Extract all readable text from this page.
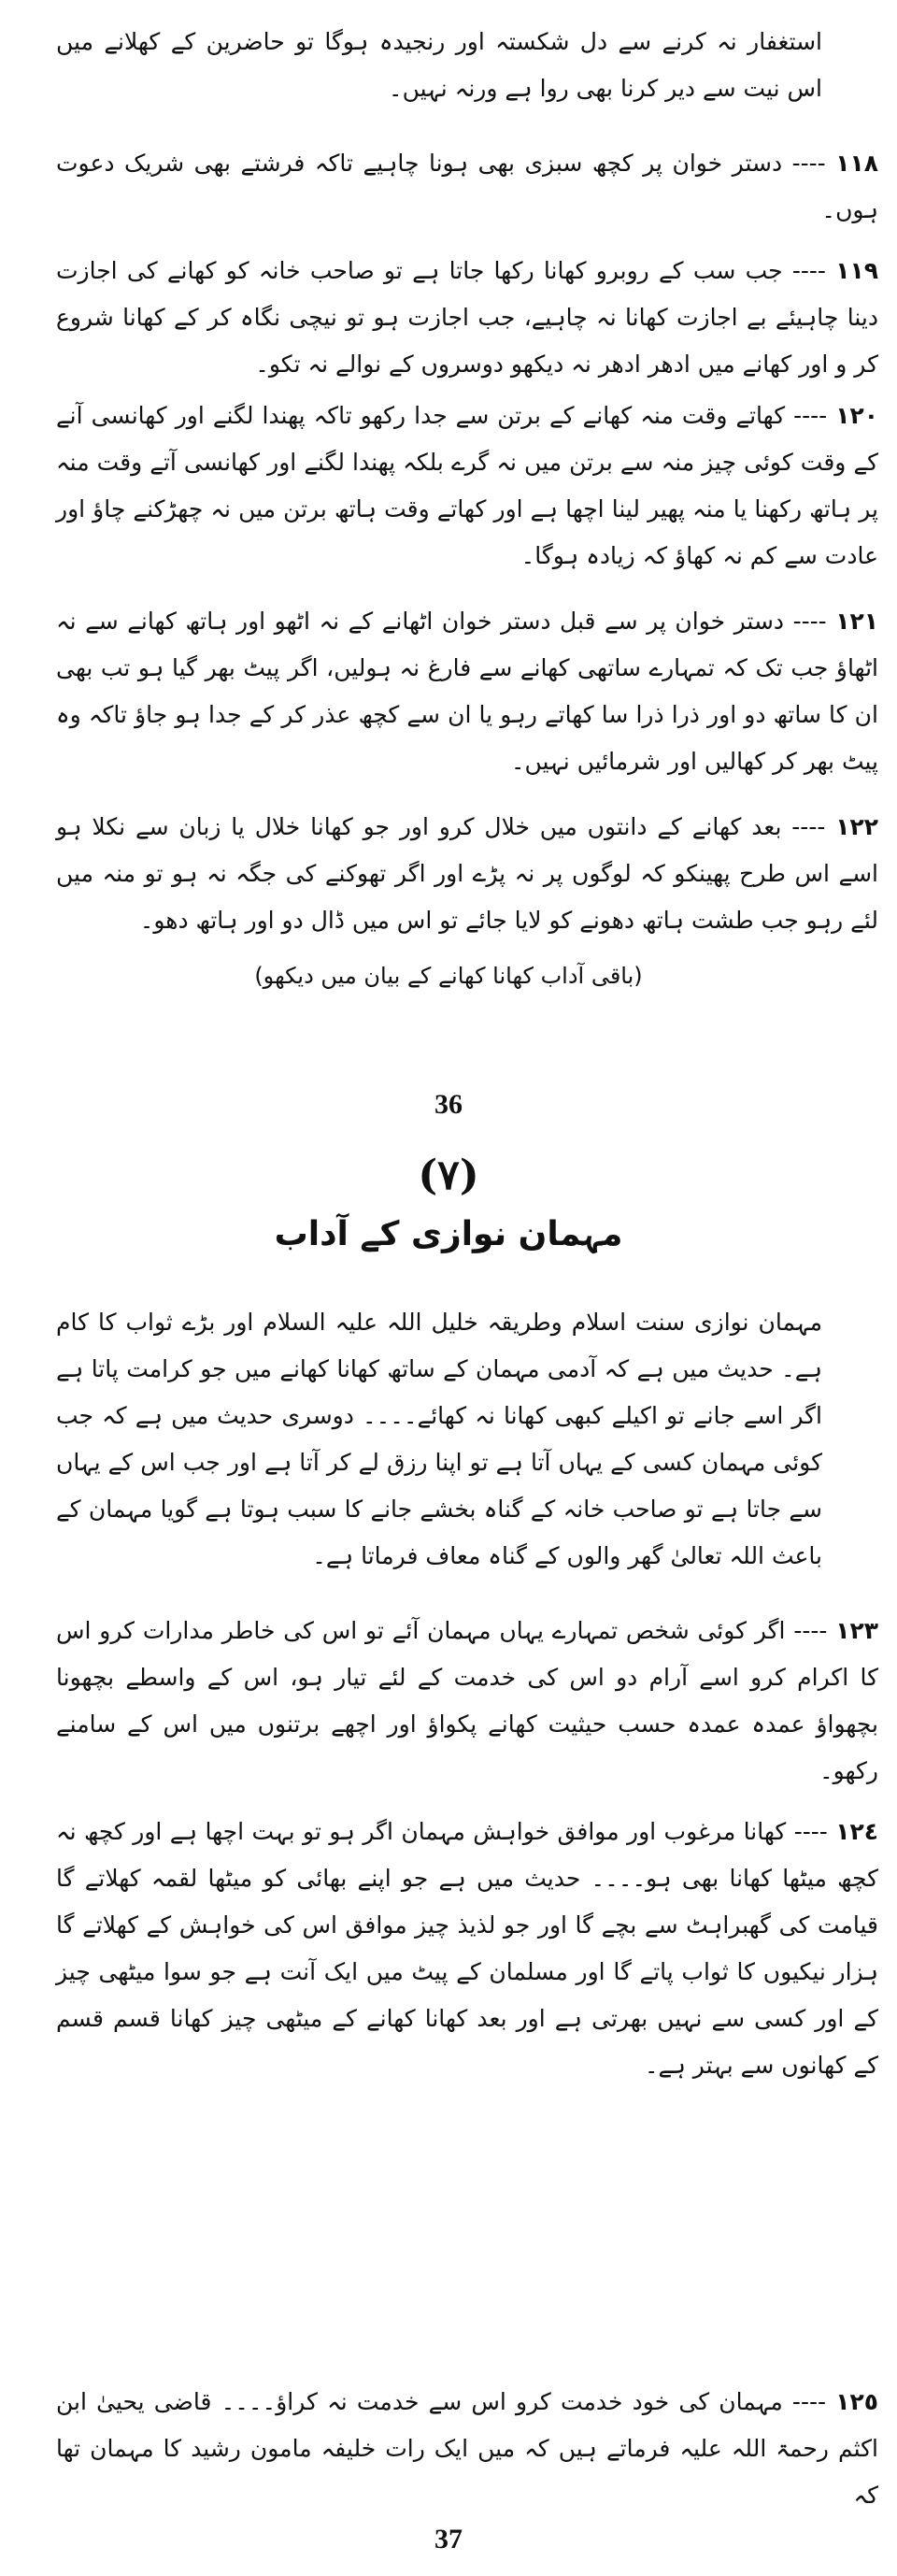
استغفار نہ کرنے سے دل شکستہ اور رنجیدہ ہوگا تو حاضرین کے کھلانے میں اس نیت سے دیر کرنا بھی روا ہے ورنہ نہیں۔
١١٨ ---- دستر خوان پر کچھ سبزی بھی ہونا چاہیے تاکہ فرشتے بھی شریک دعوت ہوں۔
١١٩ ---- جب سب کے روبرو کھانا رکھا جاتا ہے تو صاحب خانہ کو کھانے کی اجازت دینا چاہیئے بے اجازت کھانا نہ چاہیے، جب اجازت ہو تو نیچی نگاہ کر کے کھانا شروع کر و اور کھانے میں ادھر ادھر نہ دیکھو دوسروں کے نوالے نہ تکو۔
١٢٠ ---- کھاتے وقت منہ کھانے کے برتن سے جدا رکھو تاکہ پھندا لگنے اور کھانسی آنے کے وقت کوئی چیز منہ سے برتن میں نہ گرے بلکہ پھندا لگنے اور کھانسی آتے وقت منہ پر ہاتھ رکھنا یا منہ پھیر لینا اچھا ہے اور کھاتے وقت ہاتھ برتن میں نہ چھڑکنے چاؤ اور عادت سے کم نہ کھاؤ کہ زیادہ ہوگا۔
١٢١ ---- دستر خوان پر سے قبل دستر خوان اٹھانے کے نہ اٹھو اور ہاتھ کھانے سے نہ اٹھاؤ جب تک کہ تمہارے ساتھی کھانے سے فارغ نہ ہولیں، اگر پیٹ بھر گیا ہو تب بھی ان کا ساتھ دو اور ذرا ذرا سا کھاتے رہو یا ان سے کچھ عذر کر کے جدا ہو جاؤ تاکہ وہ پیٹ بھر کر کھالیں اور شرمائیں نہیں۔
١٢٢ ---- بعد کھانے کے دانتوں میں خلال کرو اور جو کھانا خلال یا زبان سے نکلا ہو اسے اس طرح پھینکو کہ لوگوں پر نہ پڑے اور اگر تھوکنے کی جگہ نہ ہو تو منہ میں لئے رہو جب طشت ہاتھ دھونے کو لایا جائے تو اس میں ڈال دو اور ہاتھ دھو۔
(باقی آداب کھانا کھانے کے بیان میں دیکھو)
36
(٧)
مہمان نوازی کے آداب
مہمان نوازی سنت اسلام وطریقہ خلیل اللہ علیہ السلام اور بڑے ثواب کا کام ہے۔ حدیث میں ہے کہ آدمی مہمان کے ساتھ کھانا کھانے میں جو کرامت پاتا ہے اگر اسے جانے تو اکیلے کبھی کھانا نہ کھائے۔۔۔۔ دوسری حدیث میں ہے کہ جب کوئی مہمان کسی کے یہاں آتا ہے تو اپنا رزق لے کر آتا ہے اور جب اس کے یہاں سے جاتا ہے تو صاحب خانہ کے گناہ بخشے جانے کا سبب ہوتا ہے گویا مہمان کے باعث اللہ تعالیٰ گھر والوں کے گناہ معاف فرماتا ہے۔
١٢٣ ---- اگر کوئی شخص تمہارے یہاں مہمان آئے تو اس کی خاطر مدارات کرو اس کا اکرام کرو اسے آرام دو اس کی خدمت کے لئے تیار ہو، اس کے واسطے بچھونا بچھواؤ عمدہ عمدہ حسب حیثیت کھانے پکواؤ اور اچھے برتنوں میں اس کے سامنے رکھو۔
١٢٤ ---- کھانا مرغوب اور موافق خواہش مہمان اگر ہو تو بہت اچھا ہے اور کچھ نہ کچھ میٹھا کھانا بھی ہو۔۔۔۔ حدیث میں ہے جو اپنے بھائی کو میٹھا لقمہ کھلاتے گا قیامت کی گھبراہٹ سے بچے گا اور جو لذیذ چیز موافق اس کی خواہش کے کھلاتے گا ہزار نیکیوں کا ثواب پاتے گا اور مسلمان کے پیٹ میں ایک آنت ہے جو سوا میٹھی چیز کے اور کسی سے نہیں بھرتی ہے اور بعد کھانا کھانے کے میٹھی چیز کھانا قسم قسم کے کھانوں سے بہتر ہے۔
١٢٥ ---- مہمان کی خود خدمت کرو اس سے خدمت نہ کراؤ۔۔۔۔ قاضی یحییٰ ابن اکثم رحمۃ اللہ علیہ فرماتے ہیں کہ میں ایک رات خلیفہ مامون رشید کا مہمان تھا کہ
37
